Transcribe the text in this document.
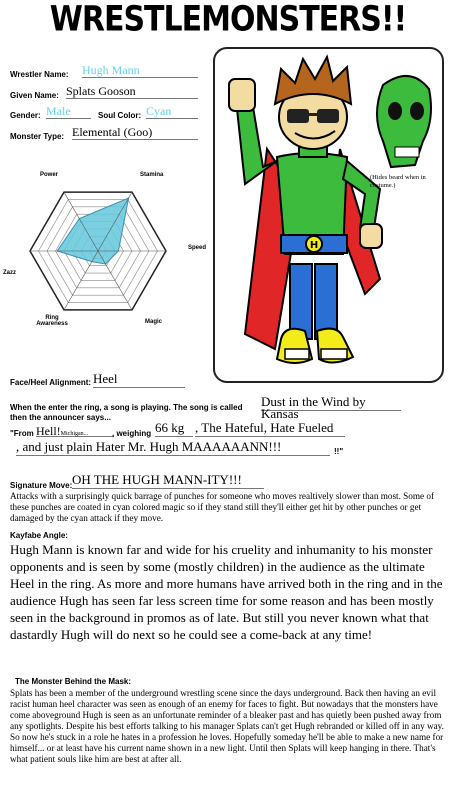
WRESTLEMONSTERS!!
Wrestler Name: Hugh Mann
Given Name: Splats Gooson
Gender: Male	Soul Color: Cyan
Monster Type: Elemental (Goo)
Power	Stamina
Speed
Magic
Ring Awareness
Zazz
H
(Hides beard when in costume.)
Face/Heel Alignment: Heel
When the enter the ring, a song is playing. The song is called Dust in the Wind by Kansas
then the announcer says...
"From Hell!Michigan...	, weighing 66 kg , The Hateful, Hate Fueled
, and just plain Hater Mr. Hugh MAAAAAANN!!!	!!"
Signature Move: OH THE HUGH MANN-ITY!!!
Attacks with a surprisingly quick barrage of punches for someone who moves realtively slower than most. Some of these punches are coated in cyan colored magic so if they stand still they'll either get hit by other punches or get damaged by the cyan attack if they move.
Kayfabe Angle:
Hugh Mann is known far and wide for his cruelity and inhumanity to his monster opponents and is seen by some (mostly children) in the audience as the ultimate Heel in the ring. As more and more humans have arrived both in the ring and in the audience Hugh has seen far less screen time for some reason and has been mostly seen in the background in promos as of late. But still you never known what that dastardly Hugh will do next so he could see a come-back at any time!
The Monster Behind the Mask:
Splats has been a member of the underground wrestling scene since the days underground. Back then having an evil racist human heel character was seen as enough of an enemy for faces to fight. But nowadays that the monsters have come aboveground Hugh is seen as an unfortunate reminder of a bleaker past and has quietly been pushed away from any spotlights. Despite his best efforts talking to his manager Splats can't get Hugh rebranded or killed off in any way. So now he's stuck in a role he hates in a profession he loves. Hopefully someday he'll be able to make a new name for himself... or at least have his current name shown in a new light. Until then Splats will keep hanging in there. That's what patient souls like him are best at after all.
